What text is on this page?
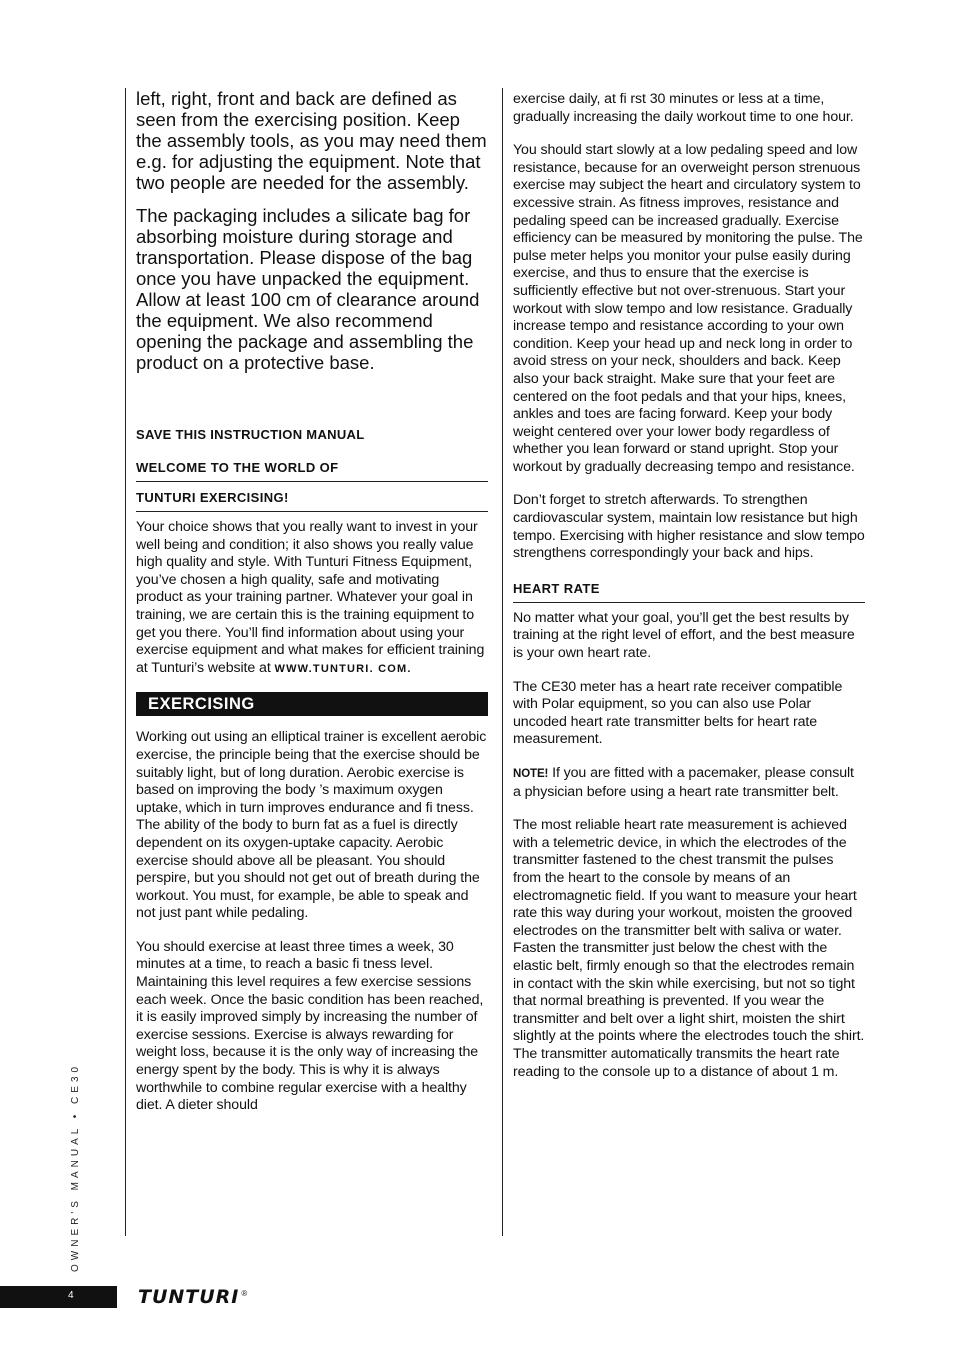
left, right, front and back are defined as seen from the exercising position. Keep the assembly tools, as you may need them e.g. for adjusting the equipment. Note that two people are needed for the assembly.

The packaging includes a silicate bag for absorbing moisture during storage and transportation. Please dispose of the bag once you have unpacked the equipment. Allow at least 100 cm of clearance around the equipment. We also recommend opening the package and assembling the product on a protective base.

SAVE THIS INSTRUCTION MANUAL

WELCOME TO THE WORLD OF

TUNTURI EXERCISING!

Your choice shows that you really want to invest in your well being and condition; it also shows you really value high quality and style. With Tunturi Fitness Equipment, you’ve chosen a high quality, safe and motivating product as your training partner. Whatever your goal in training, we are certain this is the training equipment to get you there. You’ll find information about using your exercise equipment and what makes for efficient training at Tunturi’s website at WWW.TUNTURI. COM.

EXERCISING

Working out using an elliptical trainer is excellent aerobic exercise, the principle being that the exercise should be suitably light, but of long duration. Aerobic exercise is based on improving the body ’s maximum oxygen uptake, which in turn improves endurance and fi tness. The ability of the body to burn fat as a fuel is directly dependent on its oxygen-uptake capacity. Aerobic exercise should above all be pleasant. You should perspire, but you should not get out of breath during the workout. You must, for example, be able to speak and not just pant while pedaling.

You should exercise at least three times a week, 30 minutes at a time, to reach a basic fi tness level. Maintaining this level requires a few exercise sessions each week. Once the basic condition has been reached, it is easily improved simply by increasing the number of exercise sessions. Exercise is always rewarding for weight loss, because it is the only way of increasing the energy spent by the body. This is why it is always worthwhile to combine regular exercise with a healthy diet. A dieter should

exercise daily, at fi rst 30 minutes or less at a time, gradually increasing the daily workout time to one hour.

You should start slowly at a low pedaling speed and low resistance, because for an overweight person strenuous exercise may subject the heart and circulatory system to excessive strain. As fitness improves, resistance and pedaling speed can be increased gradually. Exercise efficiency can be measured by monitoring the pulse. The pulse meter helps you monitor your pulse easily during exercise, and thus to ensure that the exercise is sufficiently effective but not over-strenuous. Start your workout with slow tempo and low resistance. Gradually increase tempo and resistance according to your own condition. Keep your head up and neck long in order to avoid stress on your neck, shoulders and back. Keep also your back straight. Make sure that your feet are centered on the foot pedals and that your hips, knees, ankles and toes are facing forward. Keep your body weight centered over your lower body regardless of whether you lean forward or stand upright. Stop your workout by gradually decreasing tempo and resistance.

Don’t forget to stretch afterwards. To strengthen cardiovascular system, maintain low resistance but high tempo. Exercising with higher resistance and slow tempo strengthens correspondingly your back and hips.

HEART RATE

No matter what your goal, you’ll get the best results by training at the right level of effort, and the best measure is your own heart rate.

The CE30 meter has a heart rate receiver compatible with Polar equipment, so you can also use Polar uncoded heart rate transmitter belts for heart rate measurement.

NOTE! If you are fitted with a pacemaker, please consult a physician before using a heart rate transmitter belt.

The most reliable heart rate measurement is achieved with a telemetric device, in which the electrodes of the transmitter fastened to the chest transmit the pulses from the heart to the console by means of an electromagnetic field. If you want to measure your heart rate this way during your workout, moisten the grooved electrodes on the transmitter belt with saliva or water. Fasten the transmitter just below the chest with the elastic belt, firmly enough so that the electrodes remain in contact with the skin while exercising, but not so tight that normal breathing is prevented. If you wear the transmitter and belt over a light shirt, moisten the shirt slightly at the points where the electrodes touch the shirt. The transmitter automatically transmits the heart rate reading to the console up to a distance of about 1 m.

OWNER'S MANUAL • CE30
4	TUNTURI ®
